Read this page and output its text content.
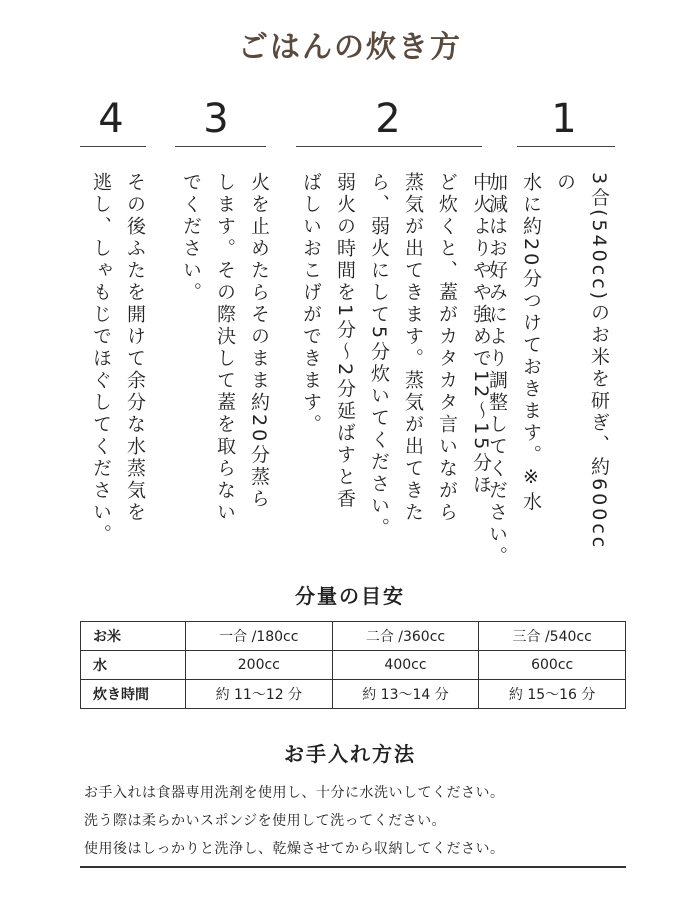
ごはんの炊き方
1
2
3
4
3合(540cc)のお米を研ぎ、約600ccの
水に約20分つけておきます。※水
加減はお好みにより調整してください。
中火よりやや強めで12〜15分ほ
ど炊くと、蓋がカタカタ言いながら
蒸気が出てきます。蒸気が出てきた
ら、弱火にして5分炊いてください。
弱火の時間を1分〜2分延ばすと香
ばしいおこげができます。
火を止めたらそのまま約20分蒸ら
します。その際決して蓋を取らない
でください。
その後ふたを開けて余分な水蒸気を
逃し、しゃもじでほぐしてください。
分量の目安
お米	一合 /180cc	二合 /360cc	三合 /540cc
水	200cc	400cc	600cc
炊き時間	約 11〜12 分	約 13〜14 分	約 15〜16 分
お手入れ方法
お手入れは食器専用洗剤を使用し、十分に水洗いしてください。
洗う際は柔らかいスポンジを使用して洗ってください。
使用後はしっかりと洗浄し、乾燥させてから収納してください。
